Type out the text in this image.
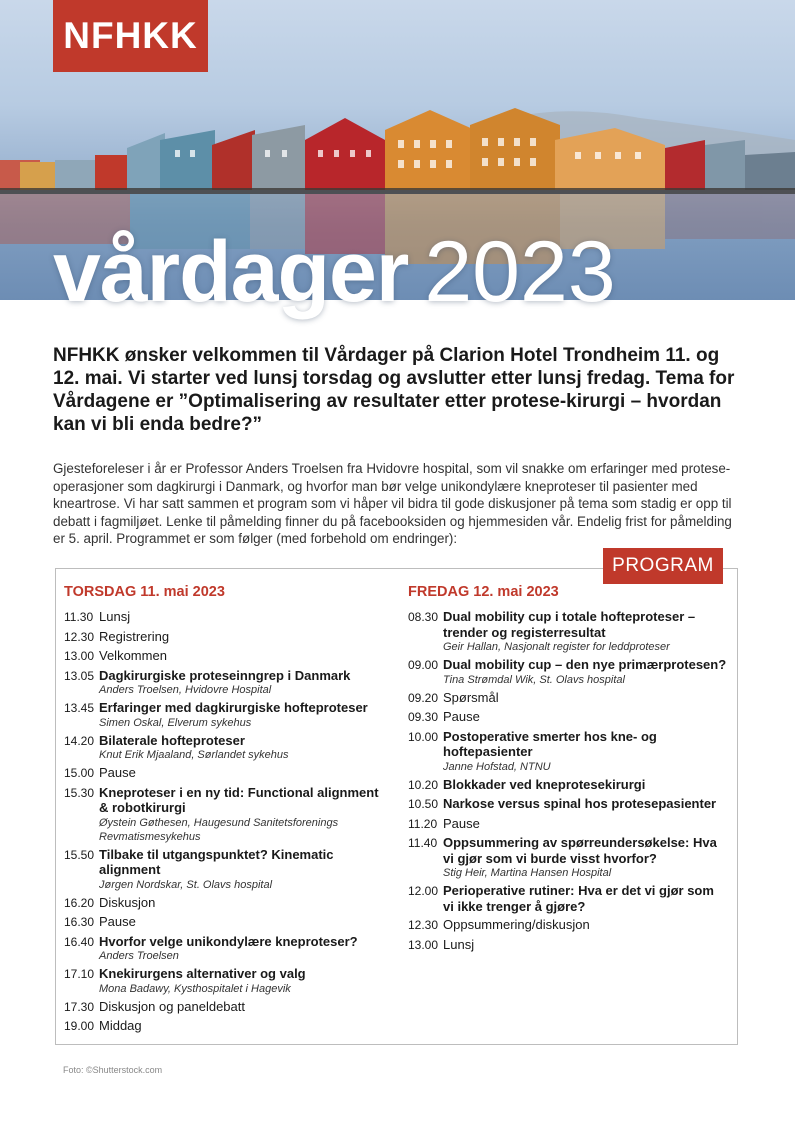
NFHKK
vårdager 2023

NFHKK ønsker velkommen til Vårdager på Clarion Hotel Trondheim 11. og 12. mai. Vi starter ved lunsj torsdag og avslutter etter lunsj fredag. Tema for Vårdagene er ”Optimalisering av resultater etter protese-kirurgi – hvordan kan vi bli enda bedre?”

Gjesteforeleser i år er Professor Anders Troelsen fra Hvidovre hospital, som vil snakke om erfaringer med protese-operasjoner som dagkirurgi i Danmark, og hvorfor man bør velge unikondylære kneproteser til pasienter med kneartrose. Vi har satt sammen et program som vi håper vil bidra til gode diskusjoner på tema som stadig er opp til debatt i fagmiljøet. Lenke til påmelding finner du på facebooksiden og hjemmesiden vår. Endelig frist for påmelding er 5. april. Programmet er som følger (med forbehold om endringer):

PROGRAM
TORSDAG 11. mai 2023
11.30 Lunsj
12.30 Registrering
13.00 Velkommen
13.05 Dagkirurgiske proteseinngrep i Danmark
Anders Troelsen, Hvidovre Hospital
13.45 Erfaringer med dagkirurgiske hofteproteser
Simen Oskal, Elverum sykehus
14.20 Bilaterale hofteproteser
Knut Erik Mjaaland, Sørlandet sykehus
15.00 Pause
15.30 Kneproteser i en ny tid: Functional alignment & robotkirurgi
Øystein Gøthesen, Haugesund Sanitetsforenings Revmatismesykehus
15.50 Tilbake til utgangspunktet? Kinematic alignment
Jørgen Nordskar, St. Olavs hospital
16.20 Diskusjon
16.30 Pause
16.40 Hvorfor velge unikondylære kneproteser?
Anders Troelsen
17.10 Knekirurgens alternativer og valg
Mona Badawy, Kysthospitalet i Hagevik
17.30 Diskusjon og paneldebatt
19.00 Middag
FREDAG 12. mai 2023
08.30 Dual mobility cup i totale hofteproteser – trender og registerresultat
Geir Hallan, Nasjonalt register for leddproteser
09.00 Dual mobility cup – den nye primærprotesen?
Tina Strømdal Wik, St. Olavs hospital
09.20 Spørsmål
09.30 Pause
10.00 Postoperative smerter hos kne- og hoftepasienter
Janne Hofstad, NTNU
10.20 Blokkader ved kneprotesekirurgi
10.50 Narkose versus spinal hos protesepasienter
11.20 Pause
11.40 Oppsummering av spørreundersøkelse: Hva vi gjør som vi burde visst hvorfor?
Stig Heir, Martina Hansen Hospital
12.00 Perioperative rutiner: Hva er det vi gjør som vi ikke trenger å gjøre?
12.30 Oppsummering/diskusjon
13.00 Lunsj

Foto: ©Shutterstock.com
